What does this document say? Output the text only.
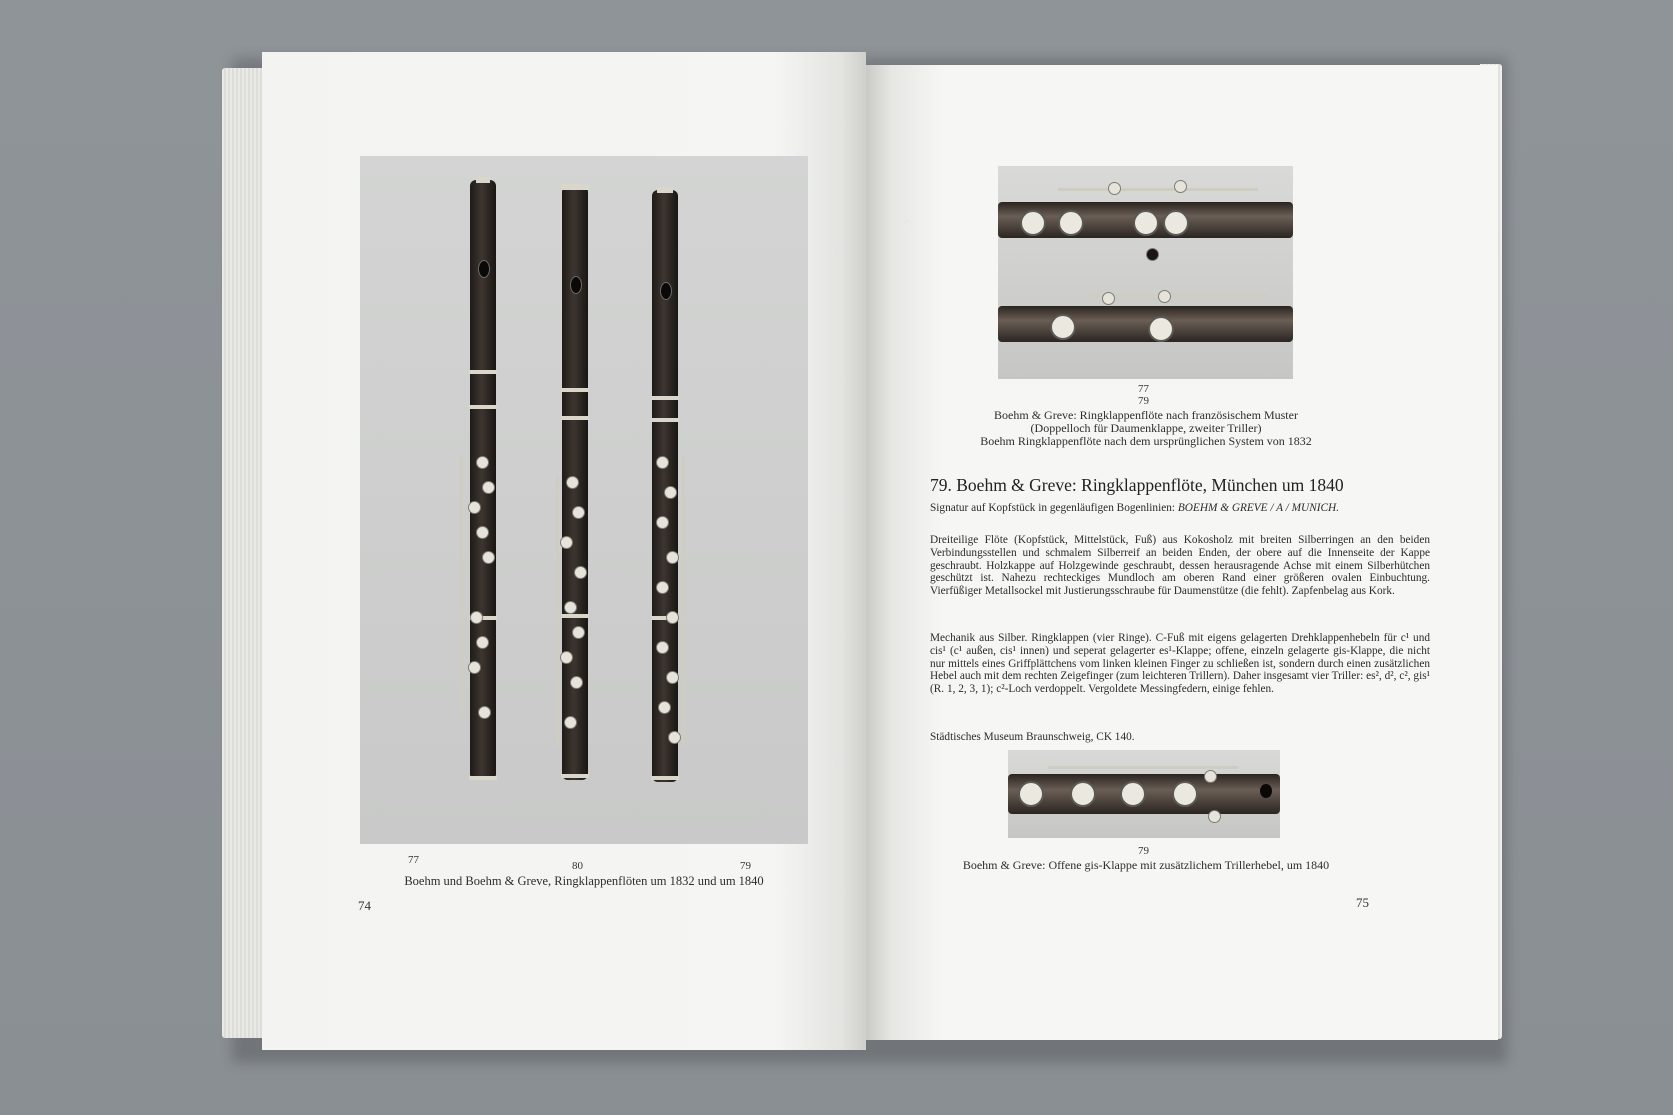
77	80	79
Boehm und Boehm & Greve, Ringklappenflöten um 1832 und um 1840
74
c
77
79
Boehm & Greve: Ringklappenflöte nach französischem Muster
(Doppelloch für Daumenklappe, zweiter Triller)
Boehm Ringklappenflöte nach dem ursprünglichen System von 1832
79. Boehm & Greve: Ringklappenflöte, München um 1840
Signatur auf Kopfstück in gegenläufigen Bogenlinien: BOEHM & GREVE / A / MUNICH.
Dreiteilige Flöte (Kopfstück, Mittelstück, Fuß) aus Kokosholz mit breiten Silberringen an den beiden Verbindungsstellen und schmalem Silberreif an beiden Enden, der obere auf die Innenseite der Kappe geschraubt. Holzkappe auf Holzgewinde geschraubt, dessen herausragende Achse mit einem Silberhütchen geschützt ist. Nahezu rechteckiges Mundloch am oberen Rand einer größeren ovalen Einbuchtung. Vierfüßiger Metallsockel mit Justierungsschraube für Daumenstütze (die fehlt). Zapfenbelag aus Kork.
Mechanik aus Silber. Ringklappen (vier Ringe). C-Fuß mit eigens gelagerten Drehklappenhebeln für c¹ und cis¹ (c¹ außen, cis¹ innen) und seperat gelagerter es¹-Klappe; offene, einzeln gelagerte gis-Klappe, die nicht nur mittels eines Griffplättchens vom linken kleinen Finger zu schließen ist, sondern durch einen zusätzlichen Hebel auch mit dem rechten Zeigefinger (zum leichteren Trillern). Daher insgesamt vier Triller: es², d², c², gis¹ (R. 1, 2, 3, 1); c²-Loch verdoppelt. Vergoldete Messingfedern, einige fehlen.
Städtisches Museum Braunschweig, CK 140.
79
Boehm & Greve: Offene gis-Klappe mit zusätzlichem Trillerhebel, um 1840
75
